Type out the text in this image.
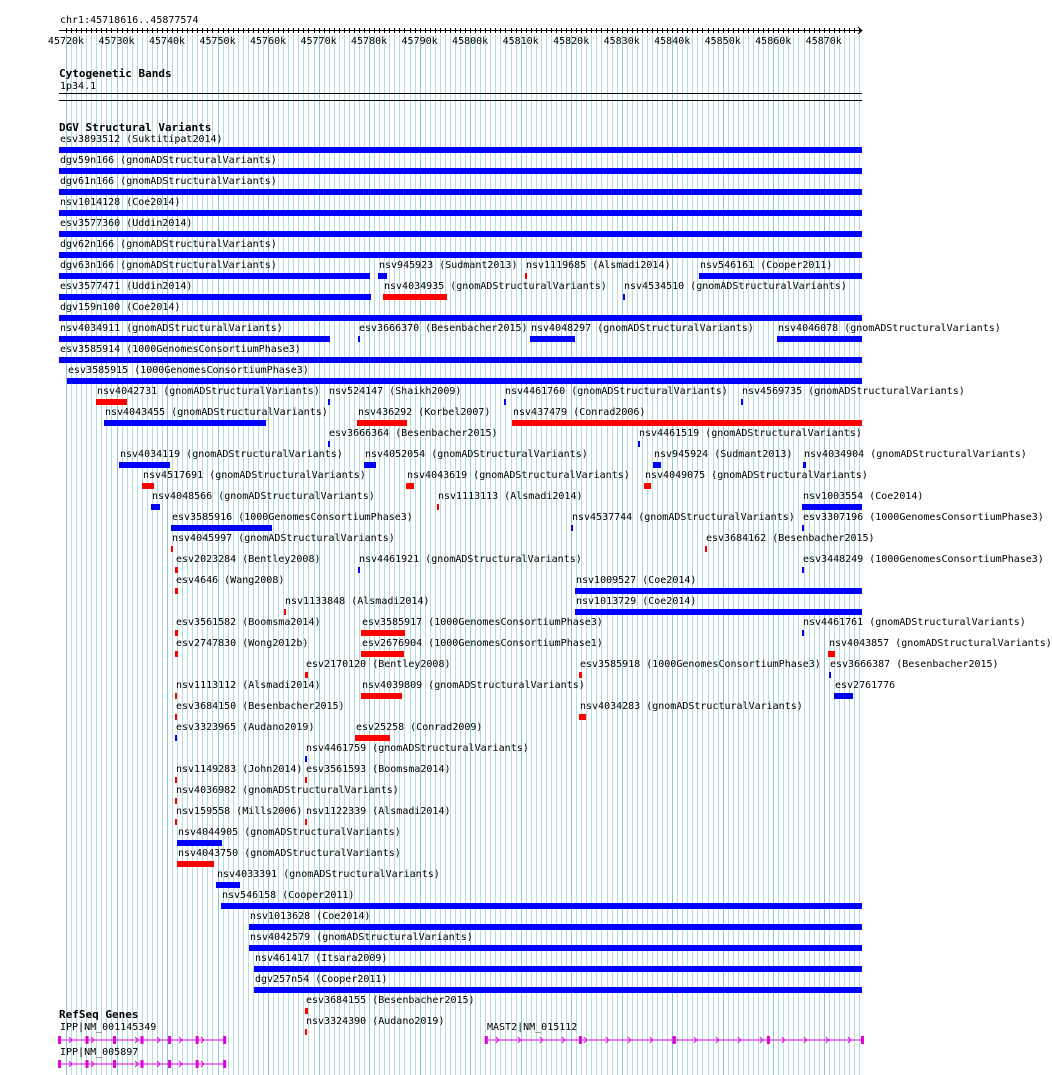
45720k 45730k 45740k 45750k 45760k 45770k 45780k 45790k 45800k 45810k 45820k 45830k 45840k 45850k 45860k 45870k
chr1:45718616..45877574
Cytogenetic Bands
1p34.1
DGV Structural Variants
esv3893512 (Suktitipat2014)
dgv59n166 (gnomADStructuralVariants)
dgv61n166 (gnomADStructuralVariants)
nsv1014128 (Coe2014)
esv3577360 (Uddin2014)
dgv62n166 (gnomADStructuralVariants)
dgv63n166 (gnomADStructuralVariants)	nsv945923 (Sudmant2013) nsv1119685 (Alsmadi2014)	nsv546161 (Cooper2011)
esv3577471 (Uddin2014)	nsv4034935 (gnomADStructuralVariants) nsv4534510 (gnomADStructuralVariants)
dgv159n100 (Coe2014)
nsv4034911 (gnomADStructuralVariants)	esv3666370 (Besenbacher2015) nsv4048297 (gnomADStructuralVariants) nsv4046078 (gnomADStructuralVariants)
esv3585914 (1000GenomesConsortiumPhase3)
esv3585915 (1000GenomesConsortiumPhase3)
nsv4042731 (gnomADStructuralVariants) nsv524147 (Shaikh2009)
nsv4043455 (gnomADStructuralVariants)
esv3666364 (Besenbacher2015)
nsv4461760 (gnomADStructuralVariants) nsv4569735 (gnomADStructuralVariants)
nsv4034119 (gnomADStructuralVariants)
nsv436292 (Korbel2007) nsv437479 (Conrad2006)
nsv4517691 (gnomADStructuralVariants)
nsv4052054 (gnomADStructuralVariants)
nsv4461519 (gnomADStructuralVariants)
nsv4048566 (gnomADStructuralVariants)
nsv4043619 (gnomADStructuralVariants)
nsv945924 (Sudmant2013) nsv4034904 (gnomADStructuralVariants)
esv3585916 (1000GenomesConsortiumPhase3)
nsv1113113 (Alsmadi2014)
nsv4049075 (gnomADStructuralVariants)
nsv4045997 (gnomADStructuralVariants)
nsv4537744 (gnomADStructuralVariants)
nsv1003554 (Coe2014)
esv2023284 (Bentley2008)	nsv4461921 (gnomADStructuralVariants)
esv3684162 (Besenbacher2015)
esv4646 (Wang2008)
nsv1133848 (Alsmadi2014)
nsv1009527 (Coe2014)
esv3561582 (Boomsma2014)	esv3585917 (1000GenomesConsortiumPhase3)
esv3307196 (1000GenomesConsortiumPhase3)
esv2747830 (Wong2012b)
esv2170120 (Bentley2008)
nsv1013729 (Coe2014)
nsv1113112 (Alsmadi2014)
esv2676904 (1000GenomesConsortiumPhase1)
esv3448249 (1000GenomesConsortiumPhase3)
esv3684150 (Besenbacher2015)
nsv4039809 (gnomADStructuralVariants)
nsv4461761 (gnomADStructuralVariants)
esv3323965 (Audano2019)
nsv4461759 (gnomADStructuralVariants)
esv3585918 (1000GenomesConsortiumPhase3)
nsv4043857 (gnomADStructuralVariants)
nsv1149283 (John2014) esv3561593 (Boomsma2014)
nsv4034283 (gnomADStructuralVariants)
esv3666387 (Besenbacher2015)
nsv4036982 (gnomADStructuralVariants)
esv2761776
nsv159558 (Mills2006) nsv1122339 (Alsmadi2014)
nsv4044905 (gnomADStructuralVariants)
nsv4043750 (gnomADStructuralVariants)
nsv4033391 (gnomADStructuralVariants)
nsv546158 (Cooper2011)
nsv1013628 (Coe2014)
nsv4042579 (gnomADStructuralVariants)
nsv461417 (Itsara2009)
dgv257n54 (Cooper2011)
esv3684155 (Besenbacher2015)
nsv3324390 (Audano2019)
esv25258 (Conrad2009)
RefSeq Genes
IPP|NM_001145349
IPP|NM_005897
MAST2|NM_015112
